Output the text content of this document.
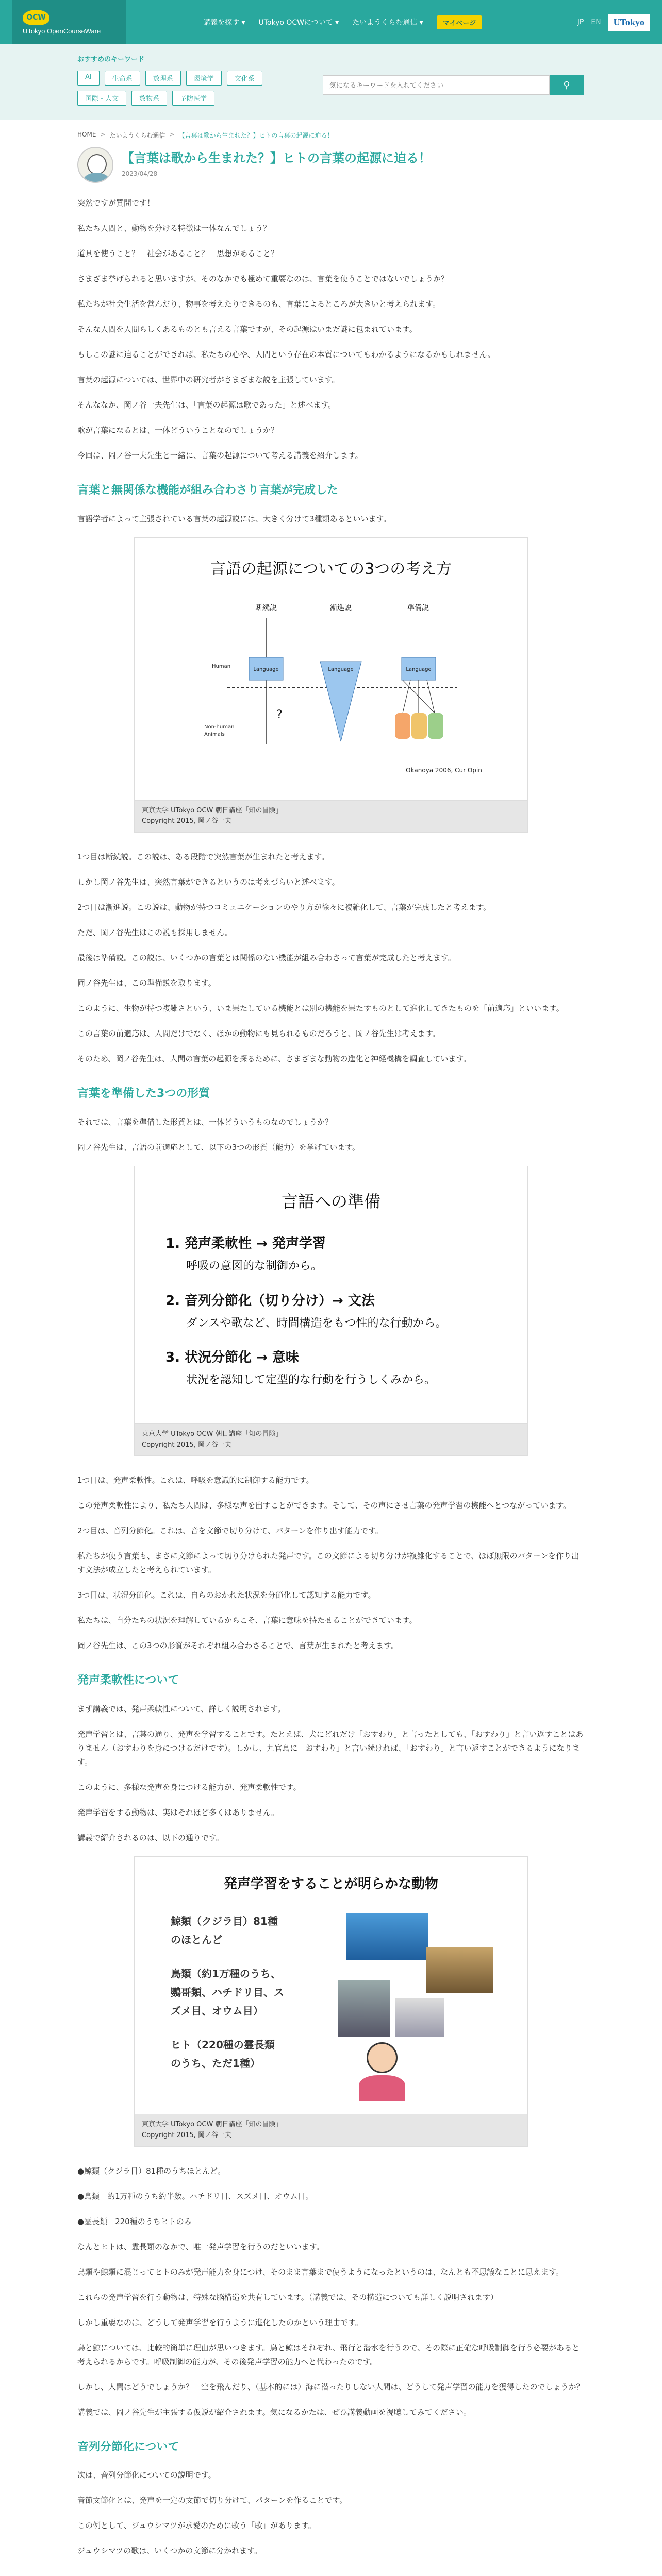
OCW
UTokyo OpenCourseWare
講義を探す ▾ UTokyo OCWについて ▾ たいようくらむ通信 ▾	マイページ	JP EN	UTokyo
おすすめのキーワード
AI	生命系	数理系	環境学	文化系
国際・人文	数物系	予防医学
気になるキーワードを入れてください
⚲
HOME > たいようくらむ通信 > 【言葉は歌から生まれた？】ヒトの言葉の起源に迫る！
【言葉は歌から生まれた？】ヒトの言葉の起源に迫る！
2023/04/28

突然ですが質問です！

私たち人間と、動物を分ける特徴は一体なんでしょう？

道具を使うこと？　社会があること？　思想があること？

さまざま挙げられると思いますが、そのなかでも極めて重要なのは、言葉を使うことではないでしょうか？

私たちが社会生活を営んだり、物事を考えたりできるのも、言葉によるところが大きいと考えられます。

そんな人間を人間らしくあるものとも言える言葉ですが、その起源はいまだ謎に包まれています。

もしこの謎に迫ることができれば、私たちの心や、人間という存在の本質についてもわかるようになるかもしれません。

言葉の起源については、世界中の研究者がさまざまな説を主張しています。

そんななか、岡ノ谷一夫先生は、「言葉の起源は歌であった」と述べます。

歌が言葉になるとは、一体どういうことなのでしょうか？

今回は、岡ノ谷一夫先生と一緒に、言葉の起源について考える講義を紹介します。

言葉と無関係な機能が組み合わさり言葉が完成した

言語学者によって主張されている言葉の起源説には、大きく分けて3種類あるといいます。

言語の起源についての3つの考え方
断続説	漸進説	準備説
Human
Non-human
Animals
Language
?
Language	Language
Okanoya 2006, Cur Opin
東京大学 UTokyo OCW 朝日講座「知の冒険」
Copyright 2015, 岡ノ谷一夫

1つ目は断続説。この説は、ある段階で突然言葉が生まれたと考えます。

しかし岡ノ谷先生は、突然言葉ができるというのは考えづらいと述べます。

2つ目は漸進説。この説は、動物が持つコミュニケーションのやり方が徐々に複雑化して、言葉が完成したと考えます。

ただ、岡ノ谷先生はこの説も採用しません。

最後は準備説。この説は、いくつかの言葉とは関係のない機能が組み合わさって言葉が完成したと考えます。

岡ノ谷先生は、この準備説を取ります。

このように、生物が持つ複雑さという、いま果たしている機能とは別の機能を果たすものとして進化してきたものを「前適応」といいます。

この言葉の前適応は、人間だけでなく、ほかの動物にも見られるものだろうと、岡ノ谷先生は考えます。

そのため、岡ノ谷先生は、人間の言葉の起源を探るために、さまざまな動物の進化と神経機構を調査しています。

言葉を準備した3つの形質

それでは、言葉を準備した形質とは、一体どういうものなのでしょうか？

岡ノ谷先生は、言語の前適応として、以下の3つの形質（能力）を挙げています。

言語への準備
1. 発声柔軟性 → 発声学習
呼吸の意図的な制御から。
2. 音列分節化（切り分け）→ 文法
ダンスや歌など、時間構造をもつ性的な行動から。
3. 状況分節化 → 意味
状況を認知して定型的な行動を行うしくみから。
東京大学 UTokyo OCW 朝日講座「知の冒険」
Copyright 2015, 岡ノ谷一夫

1つ目は、発声柔軟性。これは、呼吸を意識的に制御する能力です。

この発声柔軟性により、私たち人間は、多様な声を出すことができます。そして、その声にさせ言葉の発声学習の機能へとつながっています。

2つ目は、音列分節化。これは、音を文節で切り分けて、パターンを作り出す能力です。

私たちが使う言葉も、まさに文節によって切り分けられた発声です。この文節による切り分けが複雑化することで、ほぼ無限のパターンを作り出す文法が成立したと考えられています。

3つ目は、状況分節化。これは、自らのおかれた状況を分節化して認知する能力です。

私たちは、自分たちの状況を理解しているからこそ、言葉に意味を持たせることができています。

岡ノ谷先生は、この3つの形質がそれぞれ組み合わさることで、言葉が生まれたと考えます。

発声柔軟性について

まず講義では、発声柔軟性について、詳しく説明されます。

発声学習とは、言葉の通り、発声を学習することです。たとえば、犬にどれだけ「おすわり」と言ったとしても、「おすわり」と言い返すことはありません（おすわりを身につけるだけです）。しかし、九官鳥に「おすわり」と言い続ければ、「おすわり」と言い返すことができるようになります。

このように、多様な発声を身につける能力が、発声柔軟性です。

発声学習をする動物は、実はそれほど多くはありません。

講義で紹介されるのは、以下の通りです。

発声学習をすることが明らかな動物
鯨類（クジラ目）81種
のほとんど
鳥類（約1万種のうち、
鸚哥類、ハチドリ目、ス
ズメ目、オウム目）
ヒト（220種の霊長類
のうち、ただ1種）
東京大学 UTokyo OCW 朝日講座「知の冒険」
Copyright 2015, 岡ノ谷一夫

●鯨類（クジラ目）81種のうちほとんど。

●鳥類　約1万種のうち約半数。ハチドリ目、スズメ目、オウム目。

●霊長類　220種のうちヒトのみ

なんとヒトは、霊長類のなかで、唯一発声学習を行うのだといいます。

鳥類や鯨類に混じってヒトのみが発声能力を身につけ、そのまま言葉まで使うようになったというのは、なんとも不思議なことに思えます。

これらの発声学習を行う動物は、特殊な脳構造を共有しています。（講義では、その構造についても詳しく説明されます）

しかし重要なのは、どうして発声学習を行うように進化したのかという理由です。

鳥と鯨については、比較的簡単に理由が思いつきます。鳥と鯨はそれぞれ、飛行と潜水を行うので、その際に正確な呼吸制御を行う必要があると考えられるからです。呼吸制御の能力が、その後発声学習の能力へと代わったのです。

しかし、人間はどうでしょうか？　空を飛んだり、（基本的には）海に潜ったりしない人間は、どうして発声学習の能力を獲得したのでしょうか？

講義では、岡ノ谷先生が主張する仮説が紹介されます。気になるかたは、ぜひ講義動画を視聴してみてください。

音列分節化について

次は、音列分節化についての説明です。

音節文節化とは、発声を一定の文節で切り分けて、パターンを作ることです。

この例として、ジュウシマツが求愛のために歌う「歌」があります。

ジュウシマツの歌は、いくつかの文節に分かれます。
